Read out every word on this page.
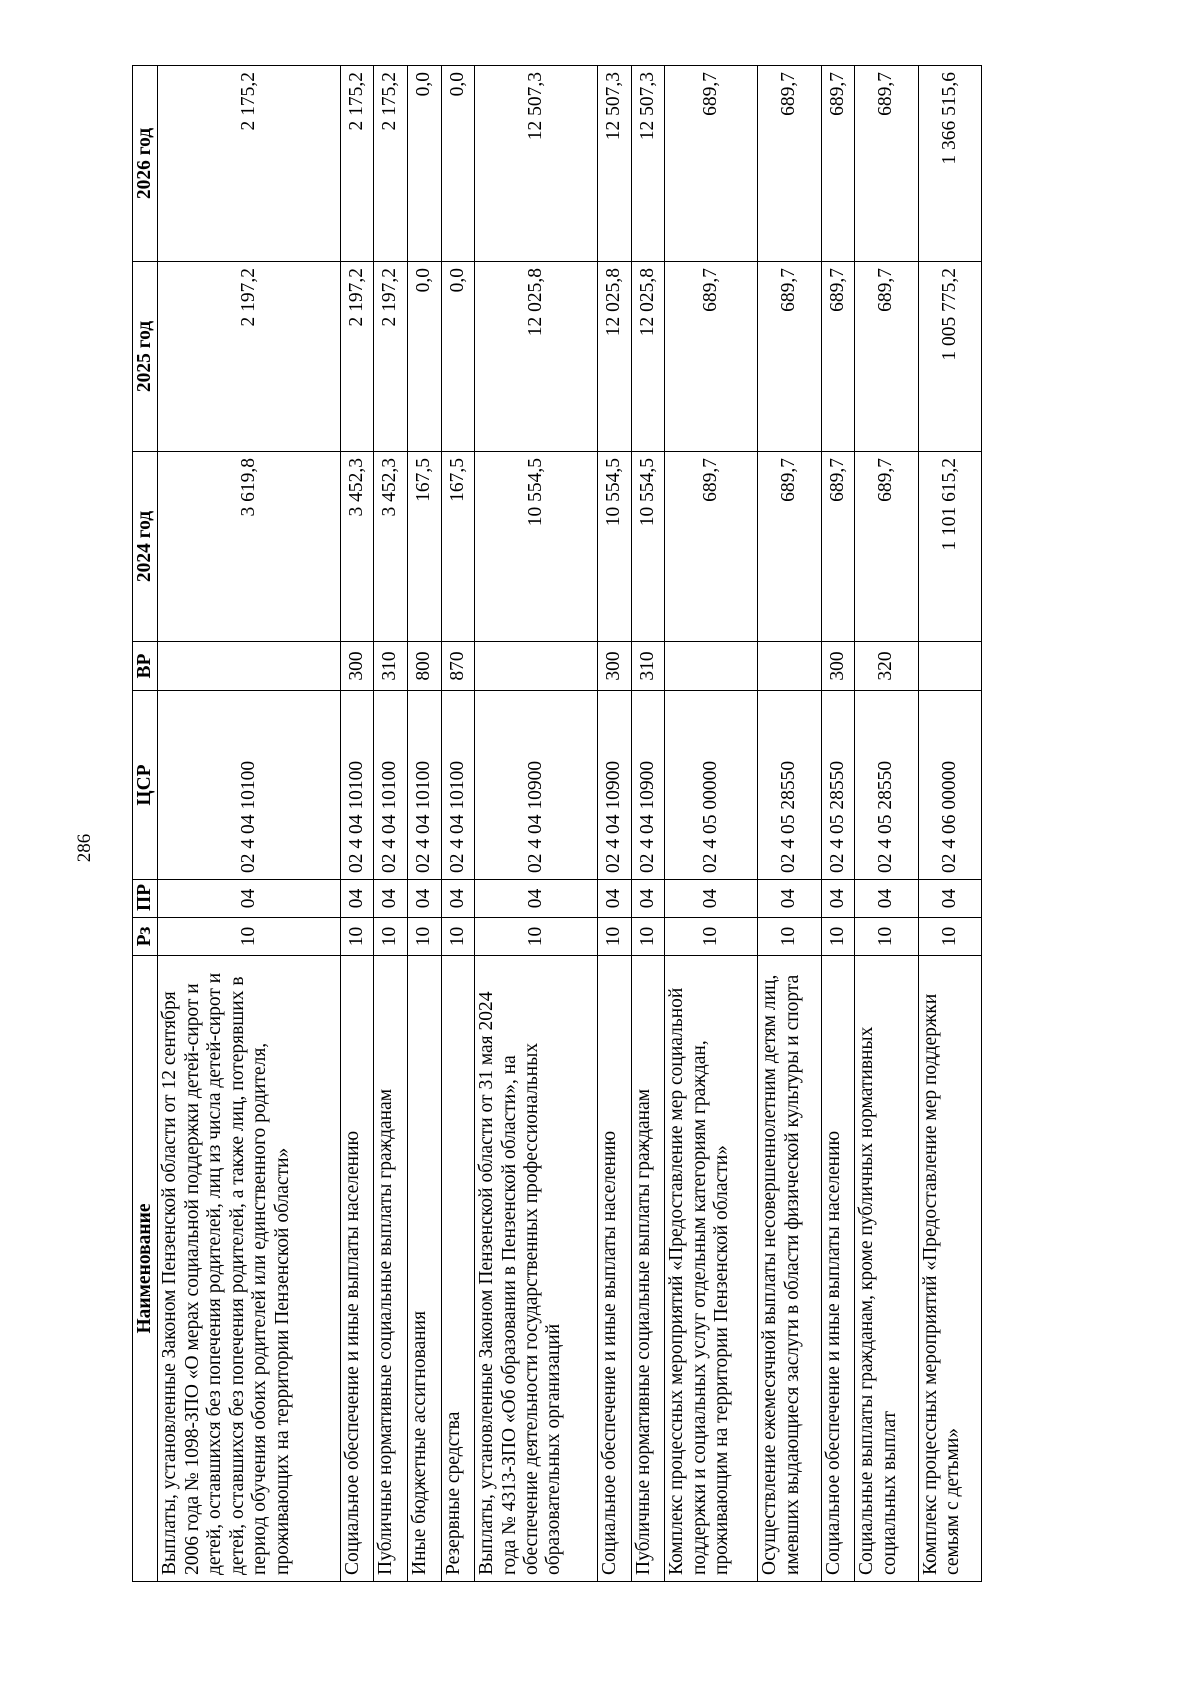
286
Наименование	Рз	ПР	ЦСР	ВР	2024 год	2025 год	2026 год
Выплаты, установленные Законом Пензенской области от 12 сентября 2006 года № 1098-ЗПО «О мерах социальной поддержки детей-сирот и детей, оставшихся без попечения родителей, лиц из числа детей-сирот и детей, оставшихся без попечения родителей, а также лиц, потерявших в период обучения обоих родителей или единственного родителя, проживающих на территории Пензенской области»	10	04	02 4 04 10100		3 619,8	2 197,2	2 175,2
Социальное обеспечение и иные выплаты населению	10	04	02 4 04 10100	300	3 452,3	2 197,2	2 175,2
Публичные нормативные социальные выплаты гражданам	10	04	02 4 04 10100	310	3 452,3	2 197,2	2 175,2
Иные бюджетные ассигнования	10	04	02 4 04 10100	800	167,5	0,0	0,0
Резервные средства	10	04	02 4 04 10100	870	167,5	0,0	0,0
Выплаты, установленные Законом Пензенской области от 31 мая 2024 года № 4313-ЗПО «Об образовании в Пензенской области», на обеспечение деятельности государственных профессиональных образовательных организаций	10	04	02 4 04 10900		10 554,5	12 025,8	12 507,3
Социальное обеспечение и иные выплаты населению	10	04	02 4 04 10900	300	10 554,5	12 025,8	12 507,3
Публичные нормативные социальные выплаты гражданам	10	04	02 4 04 10900	310	10 554,5	12 025,8	12 507,3
Комплекс процессных мероприятий «Предоставление мер социальной поддержки и социальных услуг отдельным категориям граждан, проживающим на территории Пензенской области»	10	04	02 4 05 00000		689,7	689,7	689,7
Осуществление ежемесячной выплаты несовершеннолетним детям лиц, имевших выдающиеся заслуги в области физической культуры и спорта	10	04	02 4 05 28550		689,7	689,7	689,7
Социальное обеспечение и иные выплаты населению	10	04	02 4 05 28550	300	689,7	689,7	689,7
Социальные выплаты гражданам, кроме публичных нормативных социальных выплат	10	04	02 4 05 28550	320	689,7	689,7	689,7
Комплекс процессных мероприятий «Предоставление мер поддержки семьям с детьми»	10	04	02 4 06 00000		1 101 615,2	1 005 775,2	1 366 515,6
